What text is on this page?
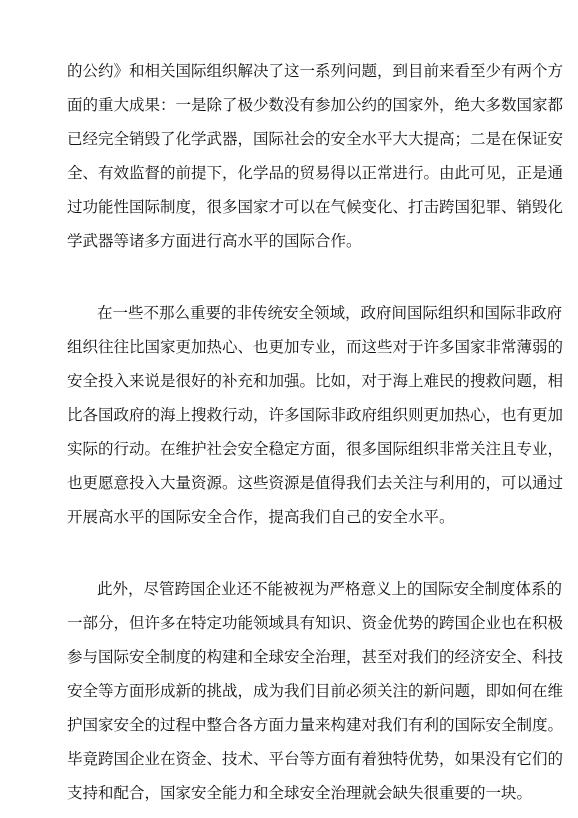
的公约》和相关国际组织解决了这一系列问题，到目前来看至少有两个方
面的重大成果：一是除了极少数没有参加公约的国家外，绝大多数国家都
已经完全销毁了化学武器，国际社会的安全水平大大提高；二是在保证安
全、有效监督的前提下，化学品的贸易得以正常进行。由此可见，正是通
过功能性国际制度，很多国家才可以在气候变化、打击跨国犯罪、销毁化
学武器等诸多方面进行高水平的国际合作。
在一些不那么重要的非传统安全领域，政府间国际组织和国际非政府
组织往往比国家更加热心、也更加专业，而这些对于许多国家非常薄弱的
安全投入来说是很好的补充和加强。比如，对于海上难民的搜救问题，相
比各国政府的海上搜救行动，许多国际非政府组织则更加热心，也有更加
实际的行动。在维护社会安全稳定方面，很多国际组织非常关注且专业，
也更愿意投入大量资源。这些资源是值得我们去关注与利用的，可以通过
开展高水平的国际安全合作，提高我们自己的安全水平。
此外，尽管跨国企业还不能被视为严格意义上的国际安全制度体系的
一部分，但许多在特定功能领域具有知识、资金优势的跨国企业也在积极
参与国际安全制度的构建和全球安全治理，甚至对我们的经济安全、科技
安全等方面形成新的挑战，成为我们目前必须关注的新问题，即如何在维
护国家安全的过程中整合各方面力量来构建对我们有利的国际安全制度。
毕竟跨国企业在资金、技术、平台等方面有着独特优势，如果没有它们的
支持和配合，国家安全能力和全球安全治理就会缺失很重要的一块。
